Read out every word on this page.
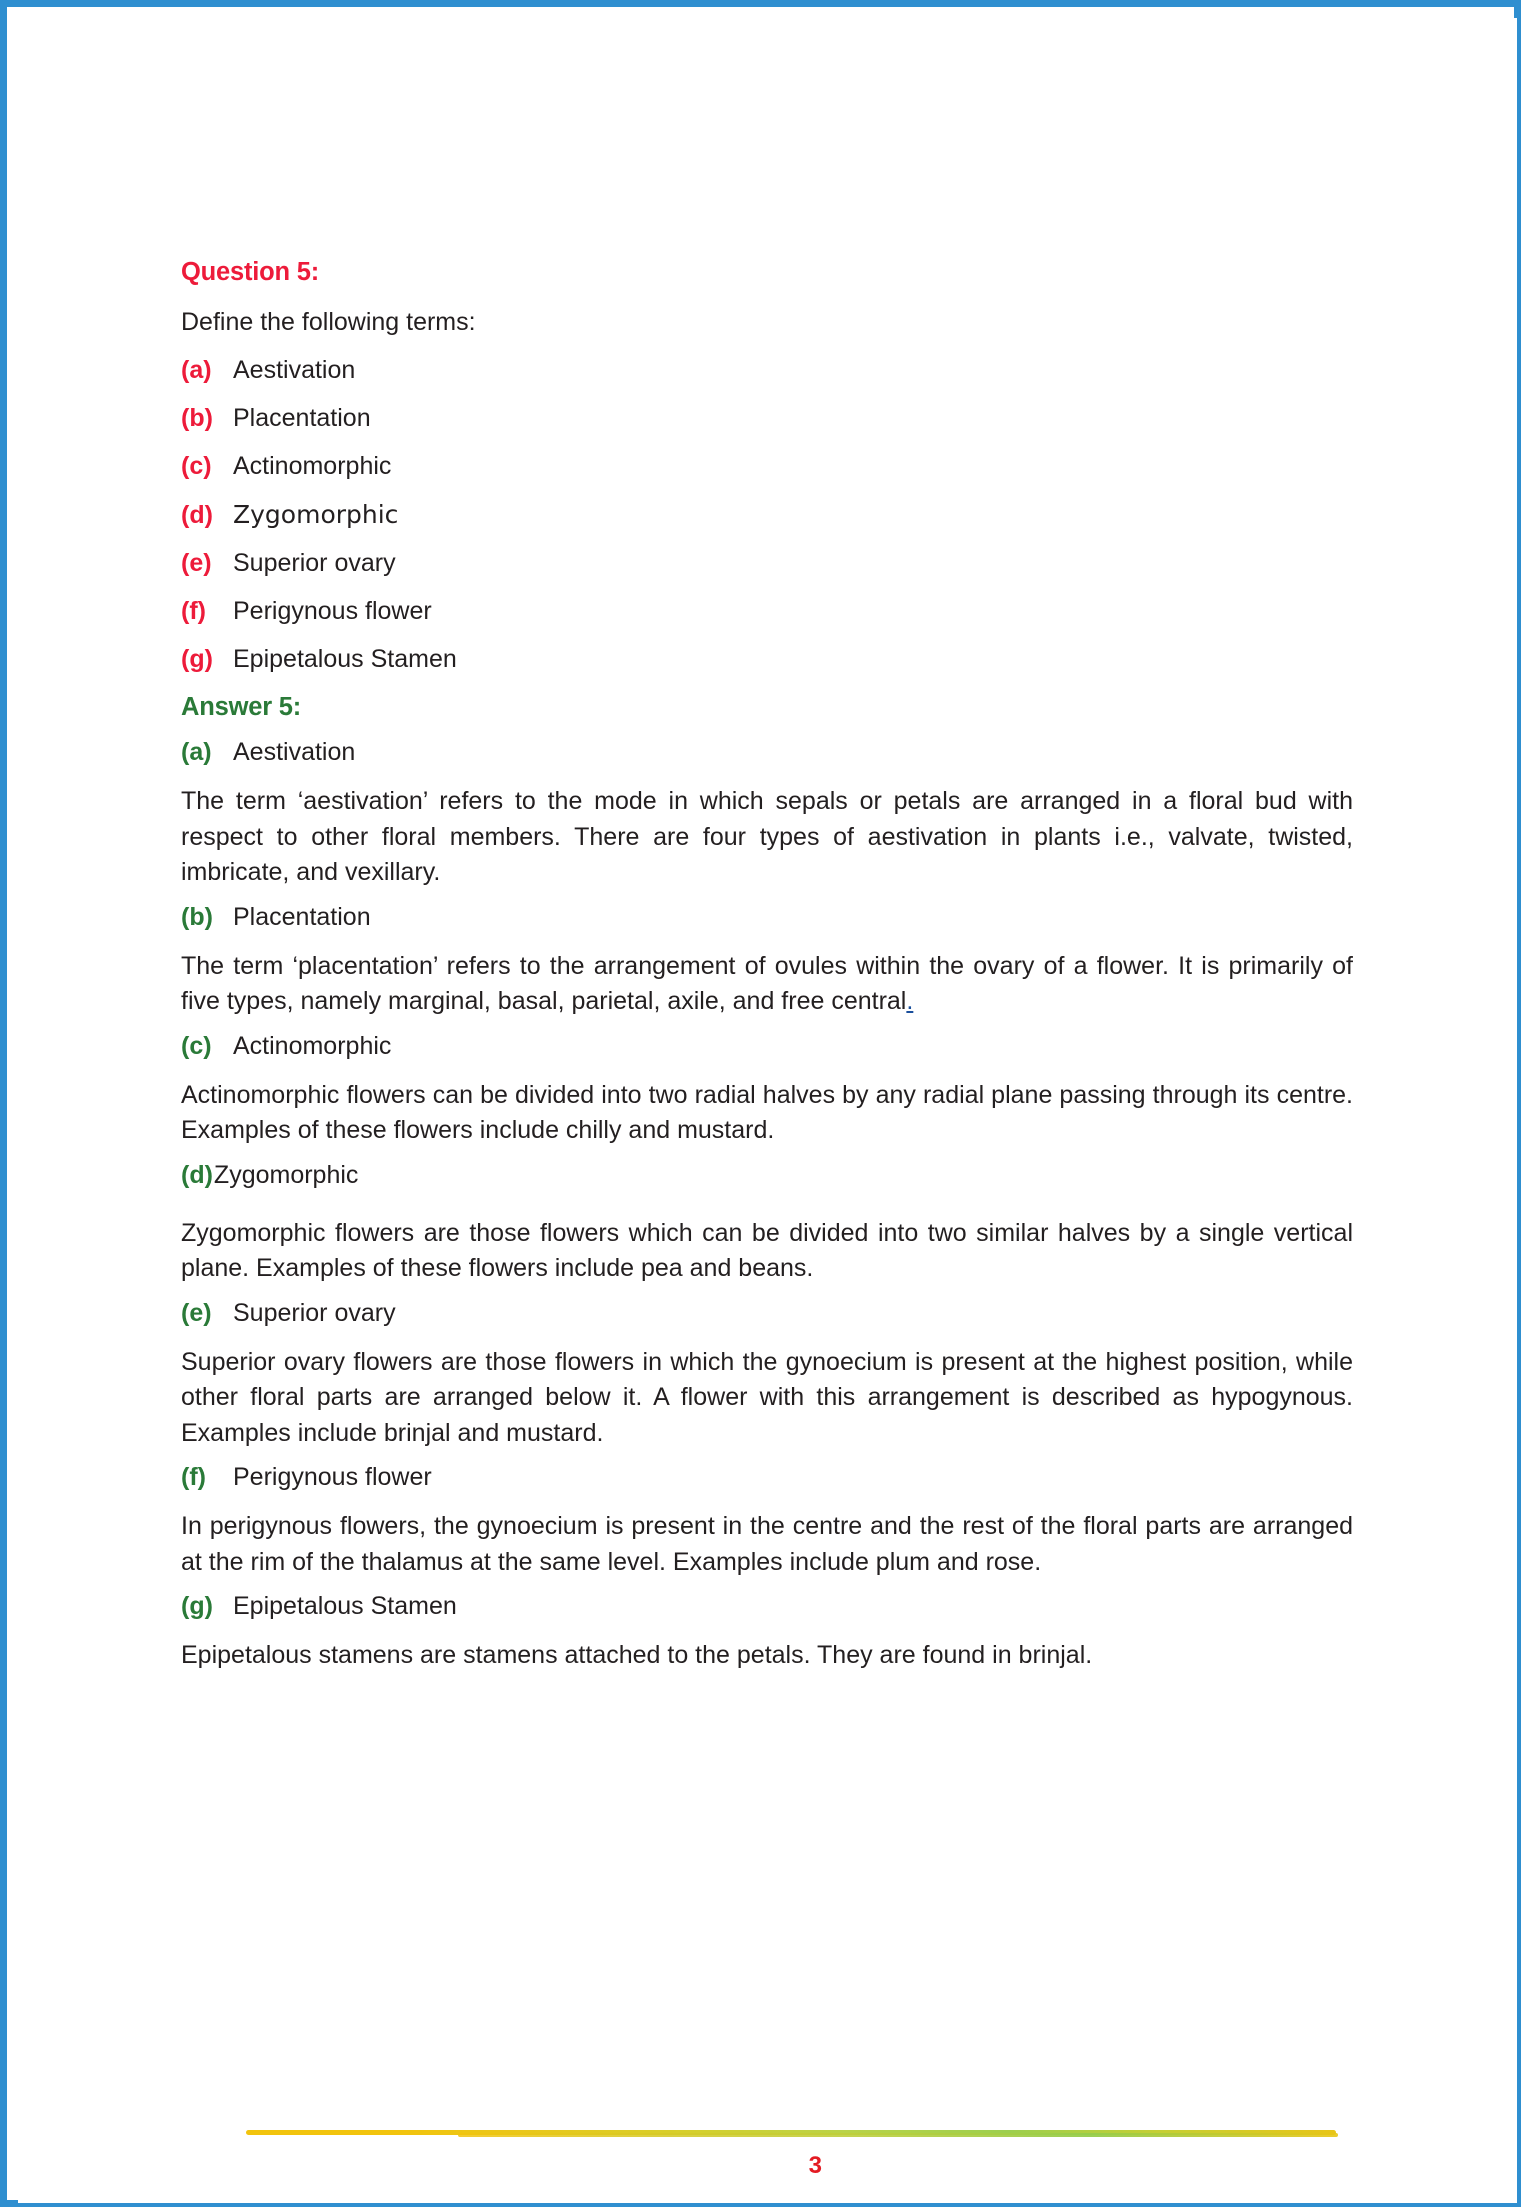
Question 5:
Define the following terms:
(a) Aestivation
(b) Placentation
(c) Actinomorphic
(d) Zygomorphic
(e) Superior ovary
(f) Perigynous flower
(g) Epipetalous Stamen
Answer 5:
(a) Aestivation
The term ‘aestivation’ refers to the mode in which sepals or petals are arranged in a floral bud with respect to other floral members. There are four types of aestivation in plants i.e., valvate, twisted, imbricate, and vexillary.
(b) Placentation
The term ‘placentation’ refers to the arrangement of ovules within the ovary of a flower. It is primarily of five types, namely marginal, basal, parietal, axile, and free central.
(c) Actinomorphic
Actinomorphic flowers can be divided into two radial halves by any radial plane passing through its centre. Examples of these flowers include chilly and mustard.
(d)Zygomorphic
Zygomorphic flowers are those flowers which can be divided into two similar halves by a single vertical plane. Examples of these flowers include pea and beans.
(e) Superior ovary
Superior ovary flowers are those flowers in which the gynoecium is present at the highest position, while other floral parts are arranged below it. A flower with this arrangement is described as hypogynous. Examples include brinjal and mustard.
(f) Perigynous flower
In perigynous flowers, the gynoecium is present in the centre and the rest of the floral parts are arranged at the rim of the thalamus at the same level. Examples include plum and rose.
(g) Epipetalous Stamen
Epipetalous stamens are stamens attached to the petals. They are found in brinjal.
3
